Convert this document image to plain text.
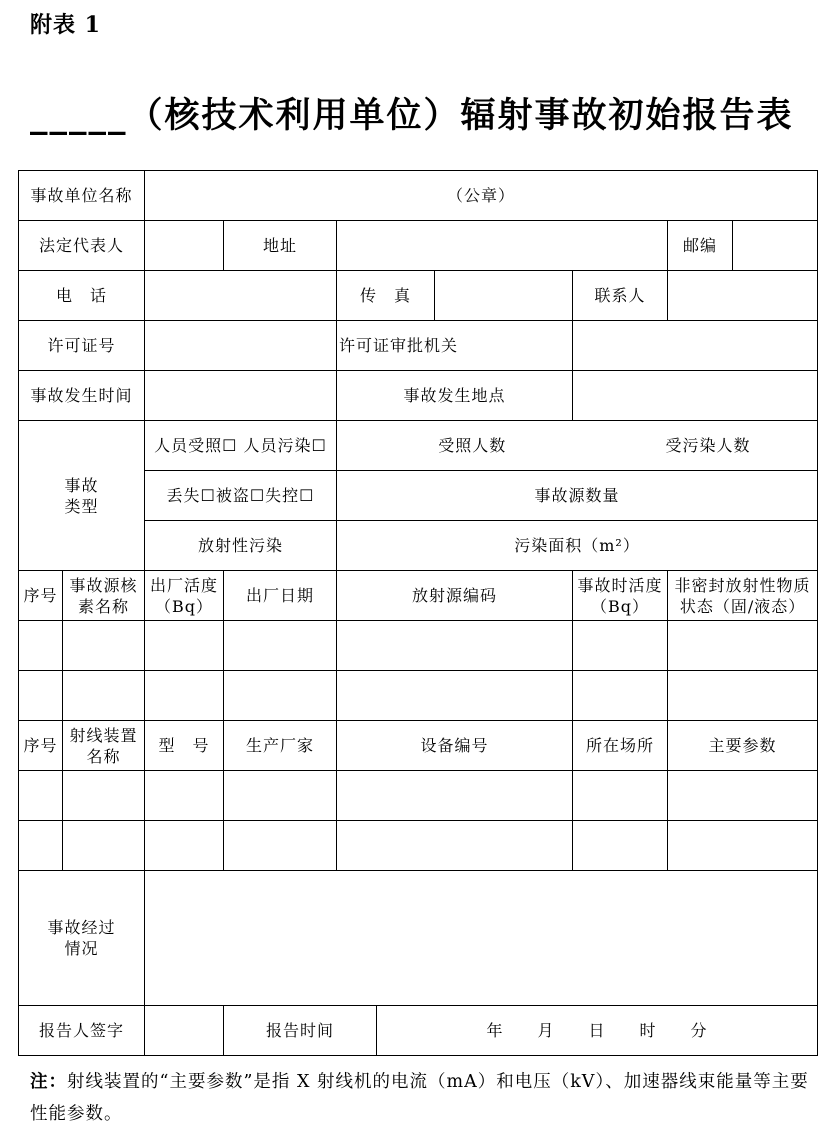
附表 1
_____（核技术利用单位）辐射事故初始报告表
事故单位名称		（公章）							
法定代表人			地址					邮编	
电　话				传　真			联系人		
许可证号				许可证审批机关					
事故发生时间				事故发生地点					

事故类型		人员受照☐ 人员污染☐		受照人数 受污染人数					
		丢失☐被盗☐失控☐		事故源数量					
		放射性污染		污染面积（m²）					
序号	事故源核素名称	出厂活度（Bq）	出厂日期	放射源编码			事故时活度（Bq）	非密封放射性物质状态（固/液态）	

序号	射线装置名称	型　号	生产厂家	设备编号			所在场所	主要参数	

事故经过情况									

报告人签字			报告时间		年　　月　　日　　时　　分				
注：射线装置的“主要参数”是指 X 射线机的电流（mA）和电压（kV）、加速器线束能量等主要性能参数。
